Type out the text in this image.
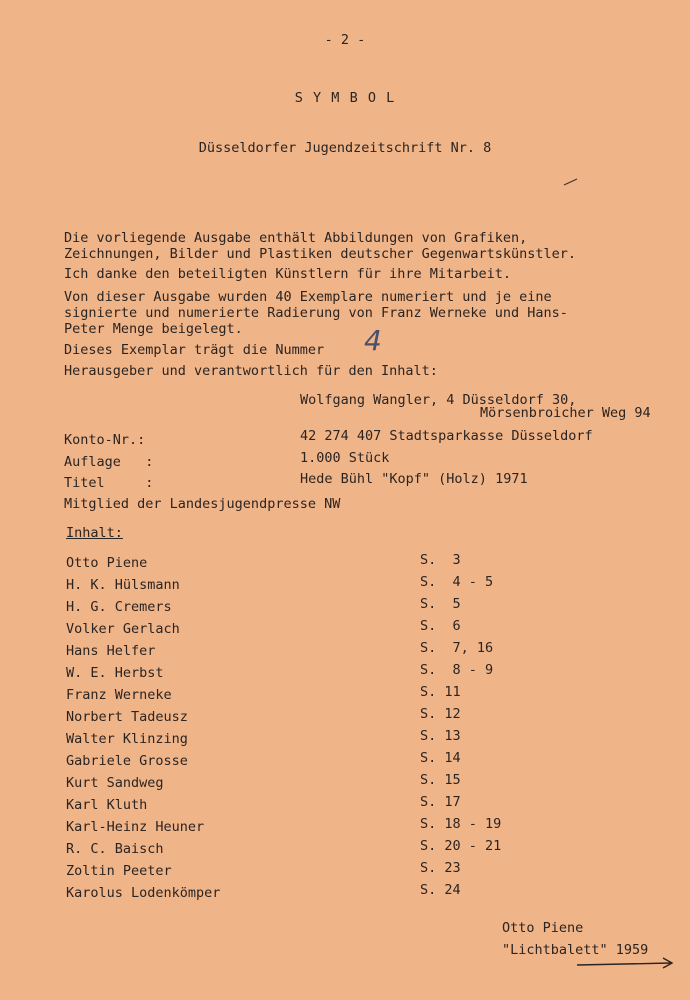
- 2 -
S Y M B O L
Düsseldorfer Jugendzeitschrift Nr. 8
Die vorliegende Ausgabe enthält Abbildungen von Grafiken,
Zeichnungen, Bilder und Plastiken deutscher Gegenwartskünstler.
Ich danke den beteiligten Künstlern für ihre Mitarbeit.
Von dieser Ausgabe wurden 40 Exemplare numeriert und je eine
signierte und numerierte Radierung von Franz Werneke und Hans-
Peter Menge beigelegt.
Dieses Exemplar trägt die Nummer 4
Herausgeber und verantwortlich für den Inhalt:
Wolfgang Wangler, 4 Düsseldorf 30,
Mörsenbroicher Weg 94
Konto-Nr.:	42 274 407 Stadtsparkasse Düsseldorf
Auflage   :	1.000 Stück
Titel     :	Hede Bühl "Kopf" (Holz) 1971
Mitglied der Landesjugendpresse NW
Inhalt:
Otto Piene	S.  3
H. K. Hülsmann	S.  4 - 5
H. G. Cremers	S.  5
Volker Gerlach	S.  6
Hans Helfer	S.  7, 16
W. E. Herbst	S.  8 - 9
Franz Werneke	S. 11
Norbert Tadeusz	S. 12
Walter Klinzing	S. 13
Gabriele Grosse	S. 14
Kurt Sandweg	S. 15
Karl Kluth	S. 17
Karl-Heinz Heuner	S. 18 - 19
R. C. Baisch	S. 20 - 21
Zoltin Peeter	S. 23
Karolus Lodenkömper	S. 24
Otto Piene
"Lichtbalett" 1959
